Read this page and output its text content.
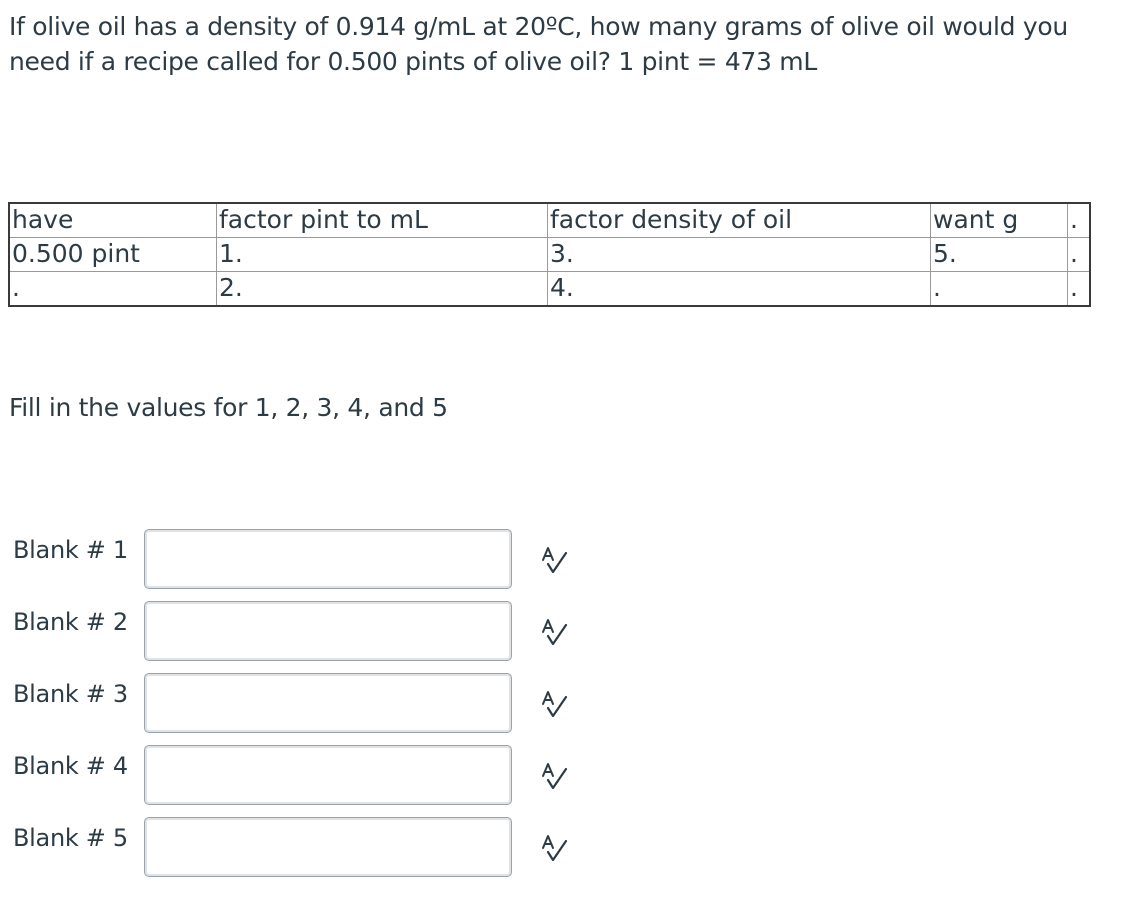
If olive oil has a density of 0.914 g/mL at 20ºC, how many grams of olive oil would you need if a recipe called for 0.500 pints of olive oil? 1 pint = 473 mL

have	factor pint to mL	factor density of oil	want g	.
0.500 pint	1.	3.	5.	.
.	2.	4.	.	.

Fill in the values for 1, 2, 3, 4, and 5

Blank # 1
Blank # 2
Blank # 3
Blank # 4
Blank # 5
